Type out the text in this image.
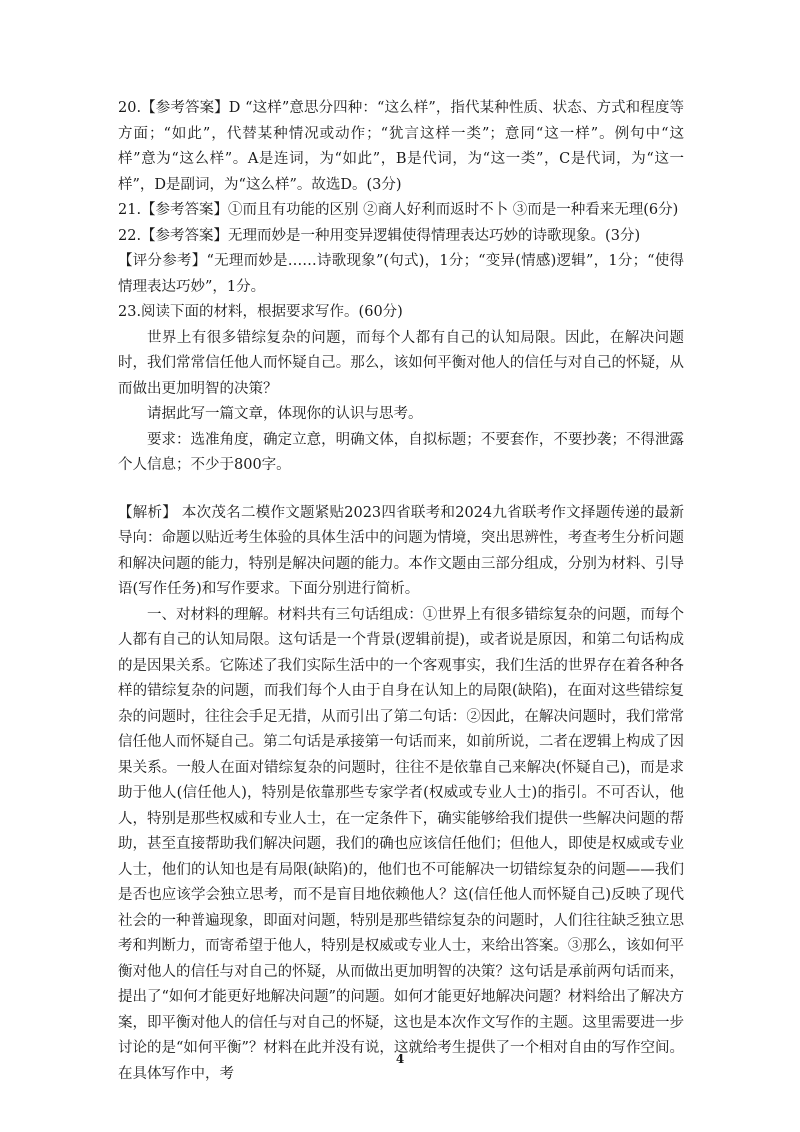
20.【参考答案】D “这样”意思分四种：“这么样”，指代某种性质、状态、方式和程度等方面；“如此”，代替某种情况或动作；“犹言这样一类”；意同“这一样”。例句中“这样”意为“这么样”。A是连词，为“如此”，B是代词，为“这一类”，C是代词，为“这一样”，D是副词，为“这么样”。故选D。(3分)

21.【参考答案】①而且有功能的区别 ②商人好利而返时不卜 ③而是一种看来无理(6分)

22.【参考答案】无理而妙是一种用变异逻辑使得情理表达巧妙的诗歌现象。(3分)

【评分参考】“无理而妙是……诗歌现象”(句式)，1分；“变异(情感)逻辑”，1分；“使得情理表达巧妙”，1分。

23.阅读下面的材料，根据要求写作。(60分)

世界上有很多错综复杂的问题，而每个人都有自己的认知局限。因此，在解决问题时，我们常常信任他人而怀疑自己。那么，该如何平衡对他人的信任与对自己的怀疑，从而做出更加明智的决策？

请据此写一篇文章，体现你的认识与思考。

要求：选准角度，确定立意，明确文体，自拟标题；不要套作，不要抄袭；不得泄露个人信息；不少于800字。

【解析】 本次茂名二模作文题紧贴2023四省联考和2024九省联考作文择题传递的最新导向：命题以贴近考生体验的具体生活中的问题为情境，突出思辨性，考查考生分析问题和解决问题的能力，特别是解决问题的能力。本作文题由三部分组成，分别为材料、引导语(写作任务)和写作要求。下面分别进行简析。

一、对材料的理解。材料共有三句话组成：①世界上有很多错综复杂的问题，而每个人都有自己的认知局限。这句话是一个背景(逻辑前提)，或者说是原因，和第二句话构成的是因果关系。它陈述了我们实际生活中的一个客观事实，我们生活的世界存在着各种各样的错综复杂的问题，而我们每个人由于自身在认知上的局限(缺陷)，在面对这些错综复杂的问题时，往往会手足无措，从而引出了第二句话：②因此，在解决问题时，我们常常信任他人而怀疑自己。第二句话是承接第一句话而来，如前所说，二者在逻辑上构成了因果关系。一般人在面对错综复杂的问题时，往往不是依靠自己来解决(怀疑自己)，而是求助于他人(信任他人)，特别是依靠那些专家学者(权威或专业人士)的指引。不可否认，他人，特别是那些权威和专业人士，在一定条件下，确实能够给我们提供一些解决问题的帮助，甚至直接帮助我们解决问题，我们的确也应该信任他们；但他人，即使是权威或专业人士，他们的认知也是有局限(缺陷)的，他们也不可能解决一切错综复杂的问题——我们是否也应该学会独立思考，而不是盲目地依赖他人？这(信任他人而怀疑自己)反映了现代社会的一种普遍现象，即面对问题，特别是那些错综复杂的问题时，人们往往缺乏独立思考和判断力，而寄希望于他人，特别是权威或专业人士，来给出答案。③那么，该如何平衡对他人的信任与对自己的怀疑，从而做出更加明智的决策？这句话是承前两句话而来，提出了“如何才能更好地解决问题”的问题。如何才能更好地解决问题？材料给出了解决方案，即平衡对他人的信任与对自己的怀疑，这也是本次作文写作的主题。这里需要进一步讨论的是“如何平衡”？材料在此并没有说，这就给考生提供了一个相对自由的写作空间。在具体写作中，考

4
